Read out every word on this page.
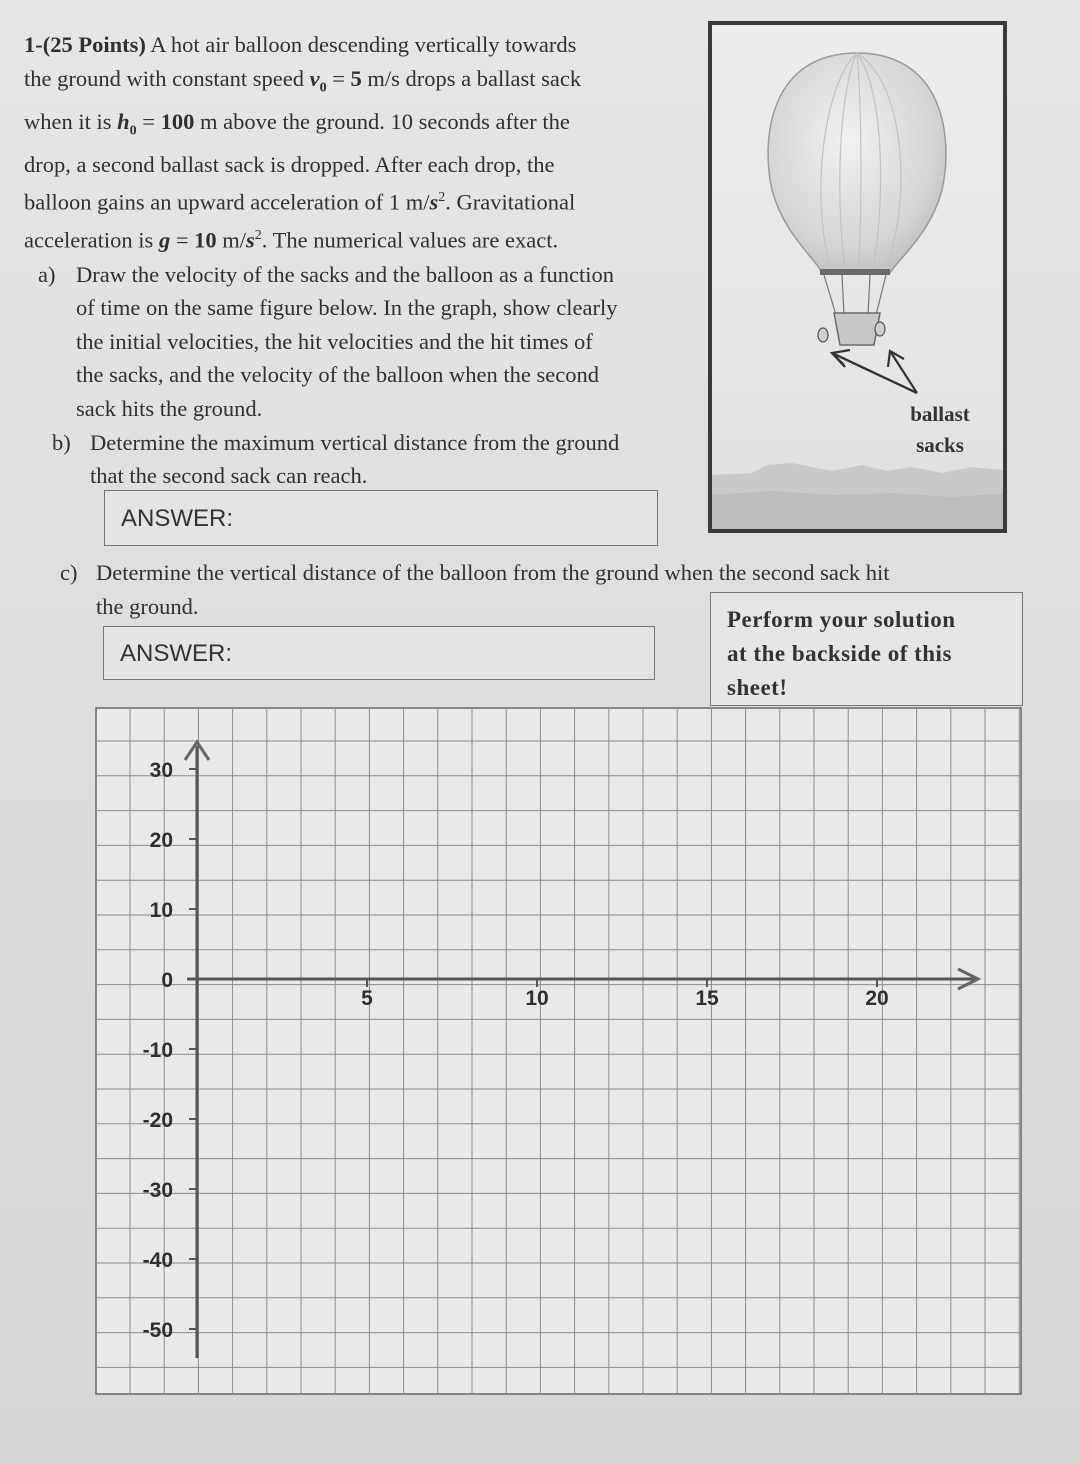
1-(25 Points) A hot air balloon descending vertically towards

the ground with constant speed $v_0 = 5$ m/s drops a ballast sack

when it is $h_0 = 100$ m above the ground. 10 seconds after the

drop, a second ballast sack is dropped. After each drop, the

balloon gains an upward acceleration of 1 $m/s^2$. Gravitational

acceleration is g = 10 $m/s^2$. The numerical values are exact.

a) Draw the velocity of the sacks and the balloon as a function

of time on the same figure below. In the graph, show clearly

the initial velocities, the hit velocities and the hit times of

the sacks, and the velocity of the balloon when the second

sack hits the ground.

b) Determine the maximum vertical distance from the ground

that the second sack can reach.

ANSWER:
ballast
sacks
c) Determine the vertical distance of the balloon from the ground when the second sack hit
the ground.
ANSWER:

Perform your solution

at the backside of this

sheet!

30
20
10
0
-10
-20
-30
-40
-50
5	10	15	20
